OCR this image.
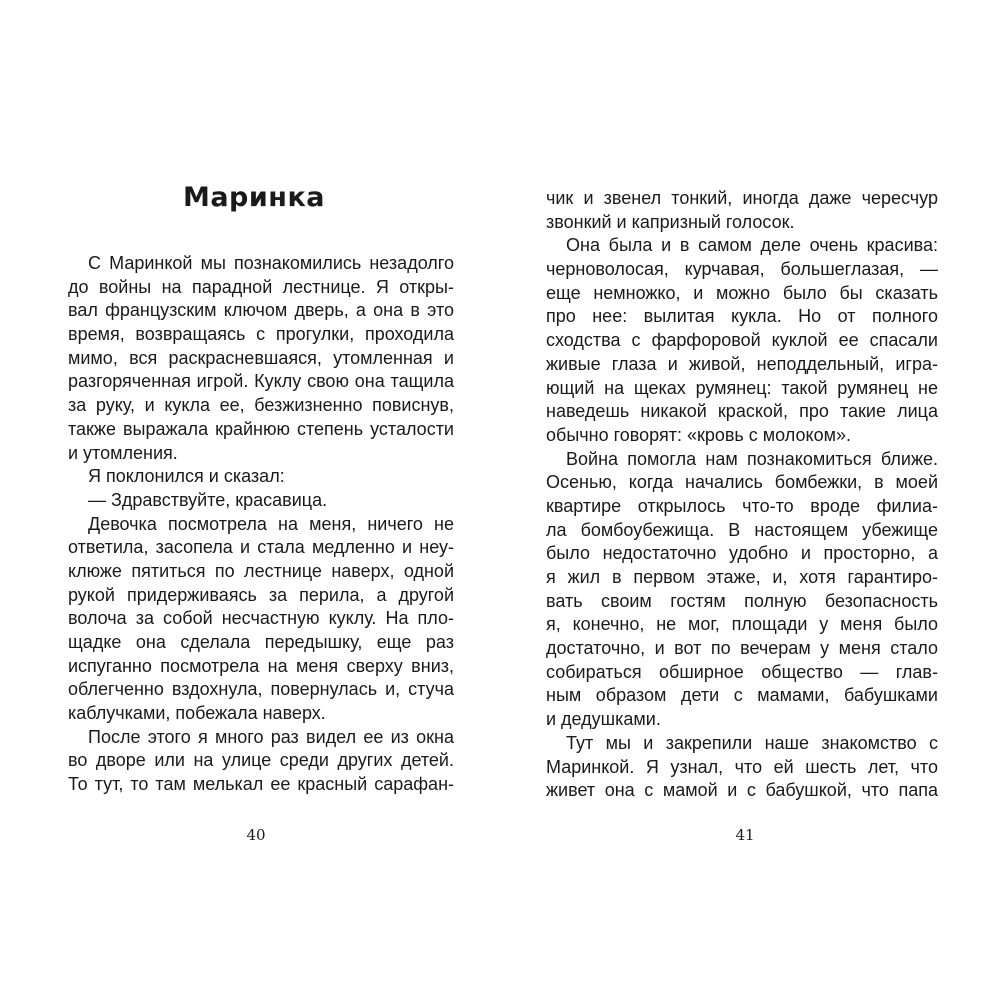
Маринка
С Маринкой мы познакомились незадолго
до войны на парадной лестнице. Я откры-
вал французским ключом дверь, а она в это
время, возвращаясь с прогулки, проходила
мимо, вся раскрасневшаяся, утомленная и
разгоряченная игрой. Куклу свою она тащила
за руку, и кукла ее, безжизненно повиснув,
также выражала крайнюю степень усталости
и утомления.
Я поклонился и сказал:
— Здравствуйте, красавица.
Девочка посмотрела на меня, ничего не
ответила, засопела и стала медленно и неу-
клюже пятиться по лестнице наверх, одной
рукой придерживаясь за перила, а другой
волоча за собой несчастную куклу. На пло-
щадке она сделала передышку, еще раз
испуганно посмотрела на меня сверху вниз,
облегченно вздохнула, повернулась и, стуча
каблучками, побежала наверх.
После этого я много раз видел ее из окна
во дворе или на улице среди других детей.
То тут, то там мелькал ее красный сарафан-
40
чик и звенел тонкий, иногда даже чересчур
звонкий и капризный голосок.
Она была и в самом деле очень красива:
черноволосая, курчавая, большеглазая, —
еще немножко, и можно было бы сказать
про нее: вылитая кукла. Но от полного
сходства с фарфоровой куклой ее спасали
живые глаза и живой, неподдельный, игра-
ющий на щеках румянец: такой румянец не
наведешь никакой краской, про такие лица
обычно говорят: «кровь с молоком».
Война помогла нам познакомиться ближе.
Осенью, когда начались бомбежки, в моей
квартире открылось что-то вроде филиа-
ла бомбоубежища. В настоящем убежище
было недостаточно удобно и просторно, а
я жил в первом этаже, и, хотя гарантиро-
вать своим гостям полную безопасность
я, конечно, не мог, площади у меня было
достаточно, и вот по вечерам у меня стало
собираться обширное общество — глав-
ным образом дети с мамами, бабушками
и дедушками.
Тут мы и закрепили наше знакомство с
Маринкой. Я узнал, что ей шесть лет, что
живет она с мамой и с бабушкой, что папа
41
